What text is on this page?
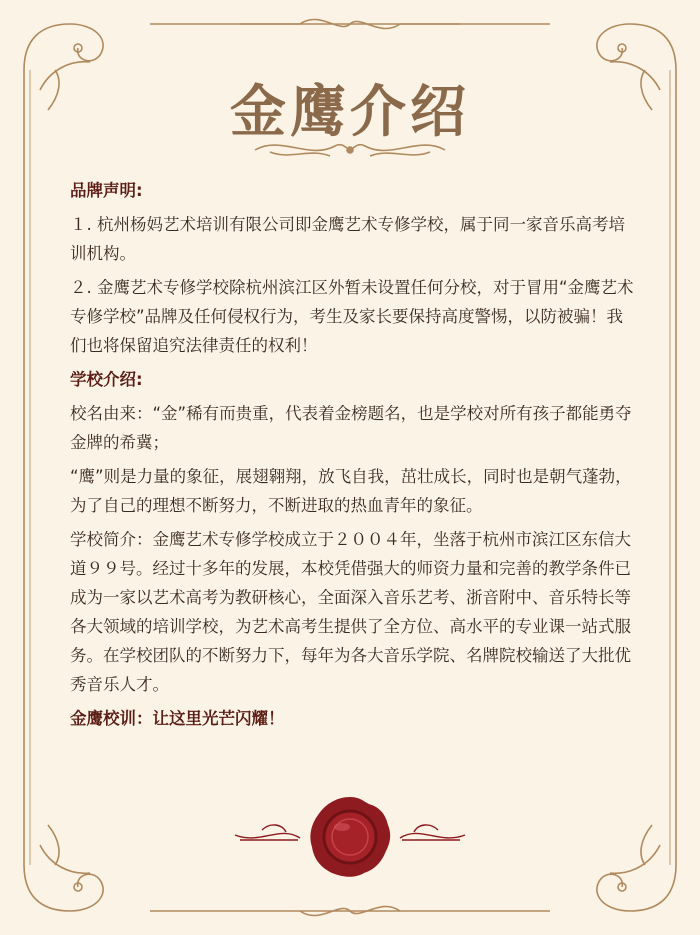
金鹰介绍

品牌声明:

１. 杭州杨妈艺术培训有限公司即金鹰艺术专修学校，属于同一家音乐高考培训机构。

２. 金鹰艺术专修学校除杭州滨江区外暂未设置任何分校，对于冒用“金鹰艺术专修学校”品牌及任何侵权行为，考生及家长要保持高度警惕，以防被骗！我们也将保留追究法律责任的权利！

学校介绍:

校名由来：“金”稀有而贵重，代表着金榜题名，也是学校对所有孩子都能勇夺金牌的希冀；

“鹰”则是力量的象征，展翅翱翔，放飞自我，茁壮成长，同时也是朝气蓬勃，为了自己的理想不断努力，不断进取的热血青年的象征。

学校简介：金鹰艺术专修学校成立于２００４年，坐落于杭州市滨江区东信大道９９号。经过十多年的发展，本校凭借强大的师资力量和完善的教学条件已成为一家以艺术高考为教研核心，全面深入音乐艺考、浙音附中、音乐特长等各大领域的培训学校，为艺术高考生提供了全方位、高水平的专业课一站式服务。在学校团队的不断努力下，每年为各大音乐学院、名牌院校输送了大批优秀音乐人才。

金鹰校训：让这里光芒闪耀！
